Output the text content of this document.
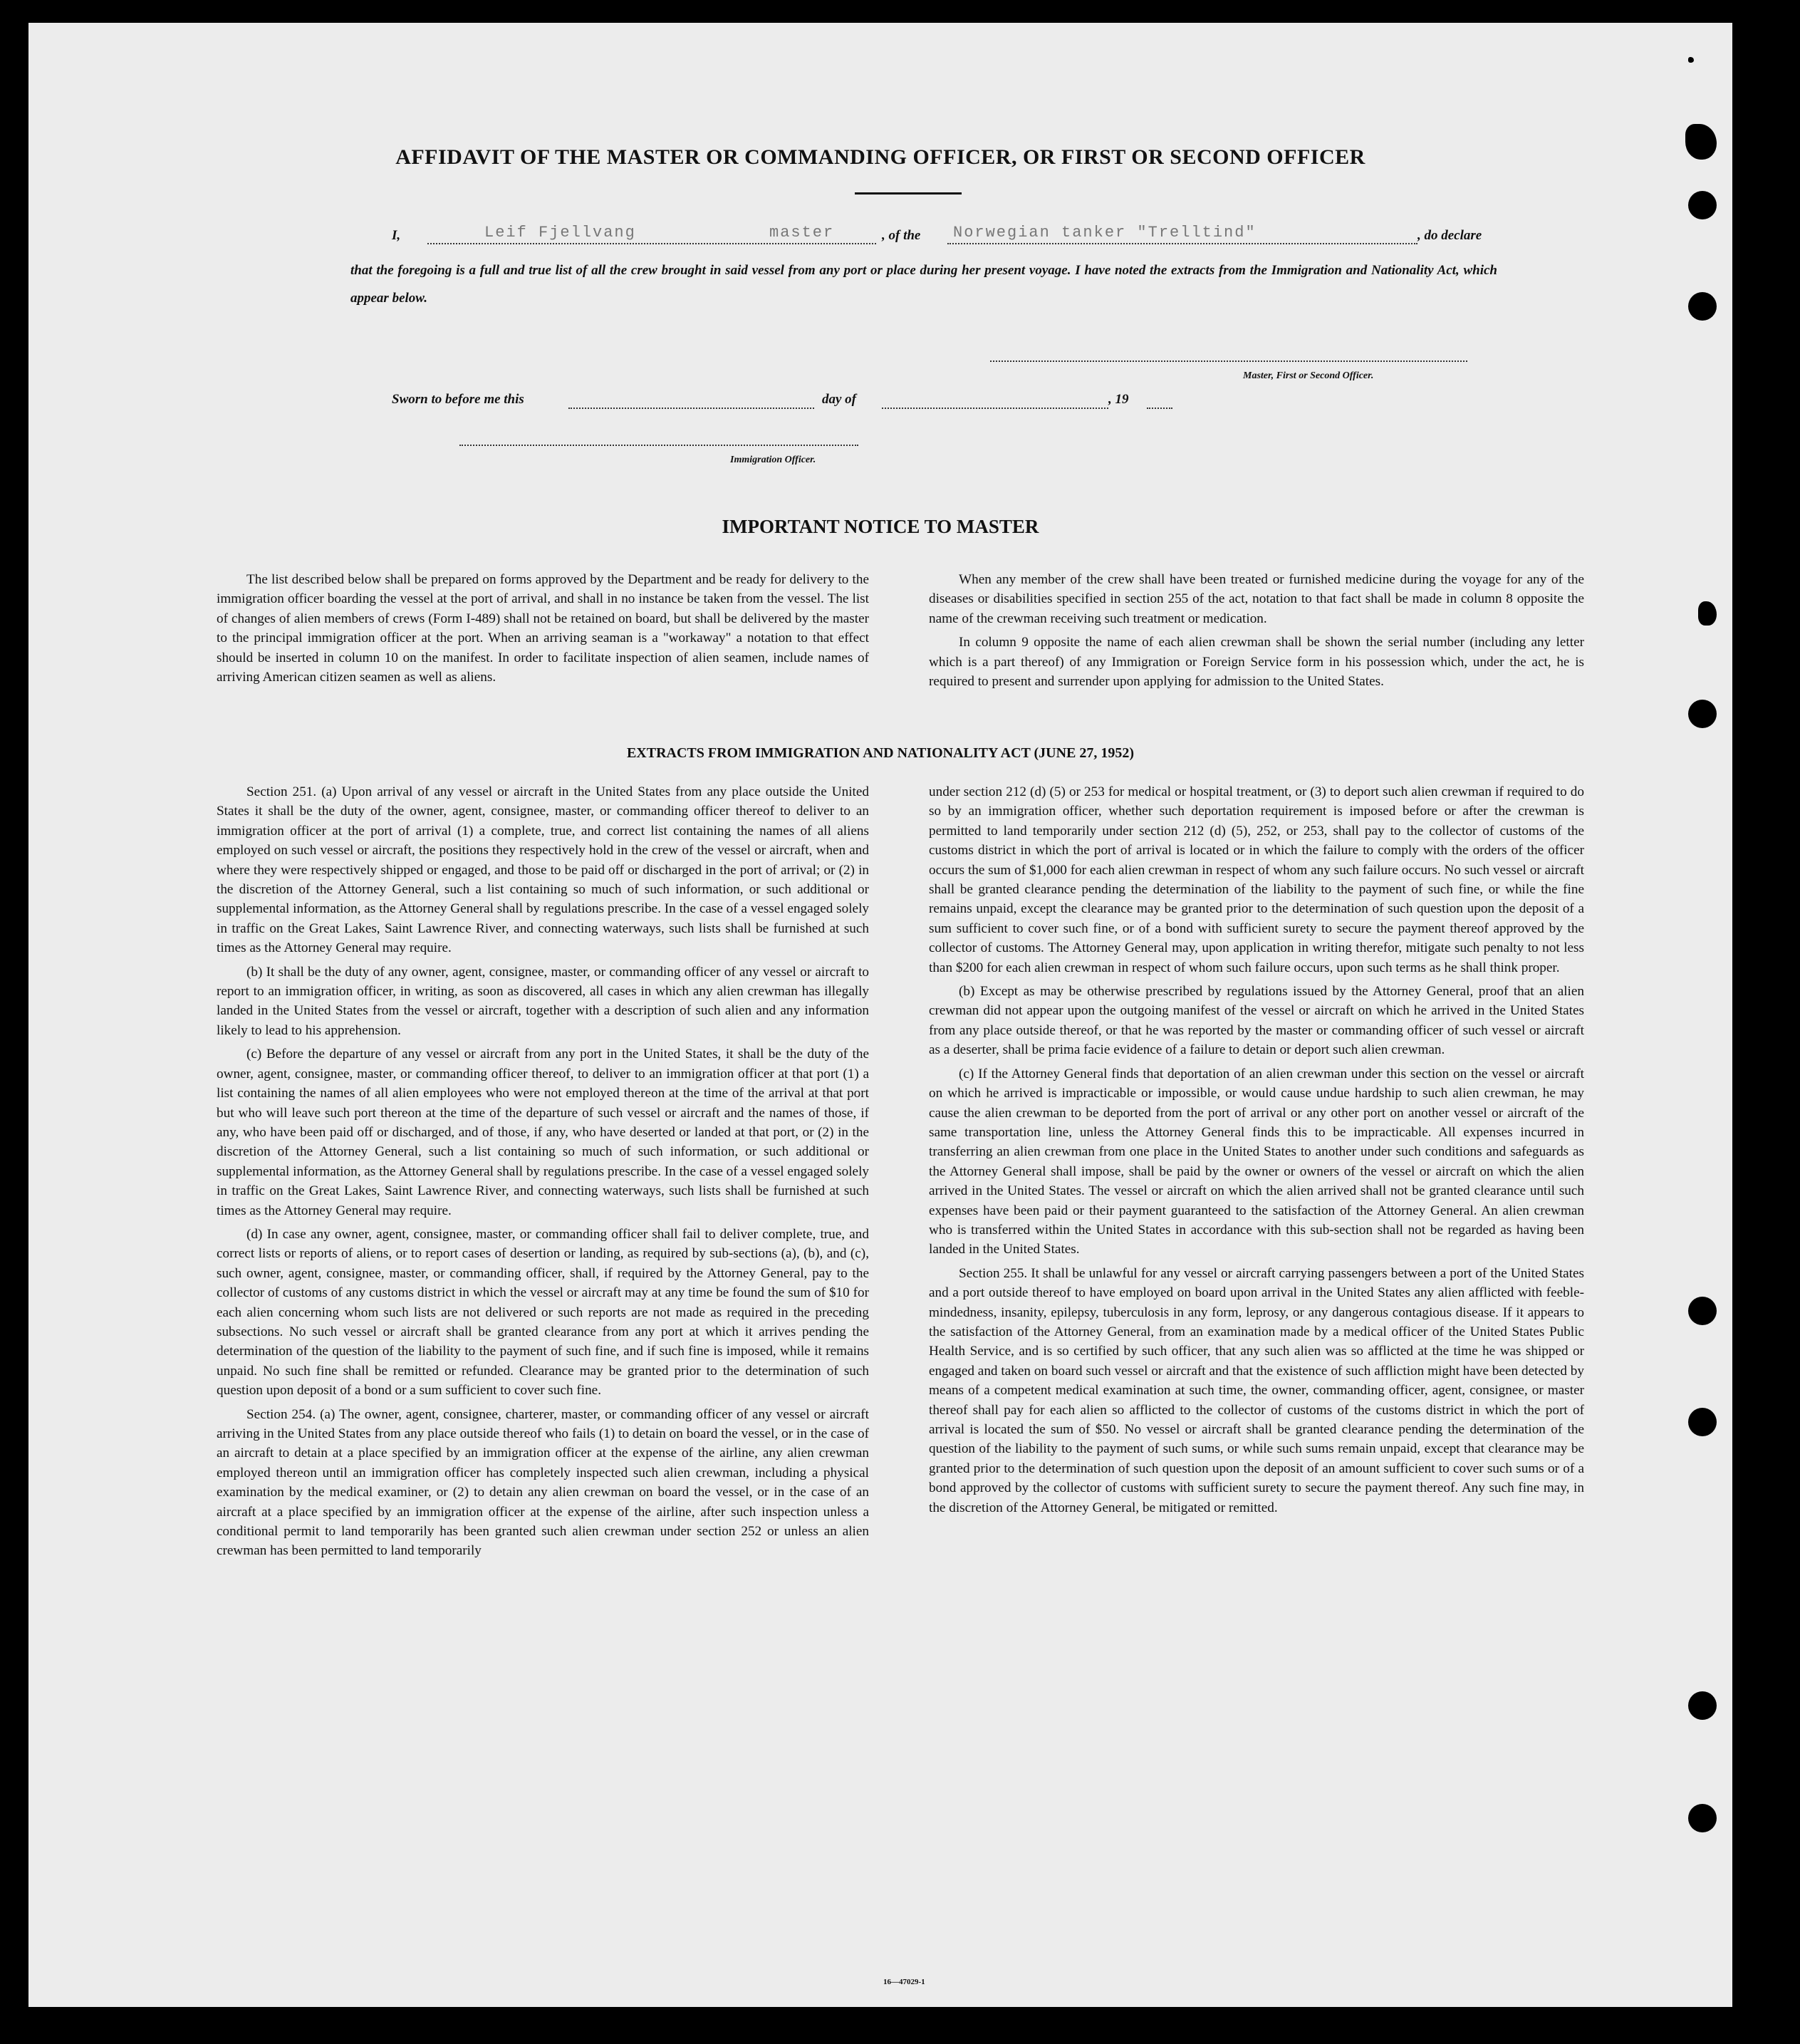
AFFIDAVIT OF THE MASTER OR COMMANDING OFFICER, OR FIRST OR SECOND OFFICER
I,	Leif Fjellvang	master	, of the Norwegian tanker "Trelltind"	, do declare
that the foregoing is a full and true list of all the crew brought in said vessel from any port or place during her present voyage. I have noted the extracts from the Immigration and Nationality Act, which appear below.
Master, First or Second Officer.
Sworn to before me this	day of	, 19
Immigration Officer.
IMPORTANT NOTICE TO MASTER

The list described below shall be prepared on forms approved by the Department and be ready for delivery to the immigration officer boarding the vessel at the port of arrival, and shall in no instance be taken from the vessel. The list of changes of alien members of crews (Form I-489) shall not be retained on board, but shall be delivered by the master to the principal immigration officer at the port. When an arriving seaman is a "workaway" a notation to that effect should be inserted in column 10 on the manifest. In order to facilitate inspection of alien seamen, include names of arriving American citizen seamen as well as aliens.

When any member of the crew shall have been treated or furnished medicine during the voyage for any of the diseases or disabilities specified in section 255 of the act, notation to that fact shall be made in column 8 opposite the name of the crewman receiving such treatment or medication.

In column 9 opposite the name of each alien crewman shall be shown the serial number (including any letter which is a part thereof) of any Immigration or Foreign Service form in his possession which, under the act, he is required to present and surrender upon applying for admission to the United States.

EXTRACTS FROM IMMIGRATION AND NATIONALITY ACT (JUNE 27, 1952)

Section 251. (a) Upon arrival of any vessel or aircraft in the United States from any place outside the United States it shall be the duty of the owner, agent, consignee, master, or commanding officer thereof to deliver to an immigration officer at the port of arrival (1) a complete, true, and correct list containing the names of all aliens employed on such vessel or aircraft, the positions they respectively hold in the crew of the vessel or aircraft, when and where they were respectively shipped or engaged, and those to be paid off or discharged in the port of arrival; or (2) in the discretion of the Attorney General, such a list containing so much of such information, or such additional or supplemental information, as the Attorney General shall by regulations prescribe. In the case of a vessel engaged solely in traffic on the Great Lakes, Saint Lawrence River, and connecting waterways, such lists shall be furnished at such times as the Attorney General may require.

(b) It shall be the duty of any owner, agent, consignee, master, or commanding officer of any vessel or aircraft to report to an immigration officer, in writing, as soon as discovered, all cases in which any alien crewman has illegally landed in the United States from the vessel or aircraft, together with a description of such alien and any information likely to lead to his apprehension.

(c) Before the departure of any vessel or aircraft from any port in the United States, it shall be the duty of the owner, agent, consignee, master, or commanding officer thereof, to deliver to an immigration officer at that port (1) a list containing the names of all alien employees who were not employed thereon at the time of the arrival at that port but who will leave such port thereon at the time of the departure of such vessel or aircraft and the names of those, if any, who have been paid off or discharged, and of those, if any, who have deserted or landed at that port, or (2) in the discretion of the Attorney General, such a list containing so much of such information, or such additional or supplemental information, as the Attorney General shall by regulations prescribe. In the case of a vessel engaged solely in traffic on the Great Lakes, Saint Lawrence River, and connecting waterways, such lists shall be furnished at such times as the Attorney General may require.

(d) In case any owner, agent, consignee, master, or commanding officer shall fail to deliver complete, true, and correct lists or reports of aliens, or to report cases of desertion or landing, as required by sub-sections (a), (b), and (c), such owner, agent, consignee, master, or commanding officer, shall, if required by the Attorney General, pay to the collector of customs of any customs district in which the vessel or aircraft may at any time be found the sum of $10 for each alien concerning whom such lists are not delivered or such reports are not made as required in the preceding subsections. No such vessel or aircraft shall be granted clearance from any port at which it arrives pending the determination of the question of the liability to the payment of such fine, and if such fine is imposed, while it remains unpaid. No such fine shall be remitted or refunded. Clearance may be granted prior to the determination of such question upon deposit of a bond or a sum sufficient to cover such fine.

Section 254. (a) The owner, agent, consignee, charterer, master, or commanding officer of any vessel or aircraft arriving in the United States from any place outside thereof who fails (1) to detain on board the vessel, or in the case of an aircraft to detain at a place specified by an immigration officer at the expense of the airline, any alien crewman employed thereon until an immigration officer has completely inspected such alien crewman, including a physical examination by the medical examiner, or (2) to detain any alien crewman on board the vessel, or in the case of an aircraft at a place specified by an immigration officer at the expense of the airline, after such inspection unless a conditional permit to land temporarily has been granted such alien crewman under section 252 or unless an alien crewman has been permitted to land temporarily

under section 212 (d) (5) or 253 for medical or hospital treatment, or (3) to deport such alien crewman if required to do so by an immigration officer, whether such deportation requirement is imposed before or after the crewman is permitted to land temporarily under section 212 (d) (5), 252, or 253, shall pay to the collector of customs of the customs district in which the port of arrival is located or in which the failure to comply with the orders of the officer occurs the sum of $1,000 for each alien crewman in respect of whom any such failure occurs. No such vessel or aircraft shall be granted clearance pending the determination of the liability to the payment of such fine, or while the fine remains unpaid, except the clearance may be granted prior to the determination of such question upon the deposit of a sum sufficient to cover such fine, or of a bond with sufficient surety to secure the payment thereof approved by the collector of customs. The Attorney General may, upon application in writing therefor, mitigate such penalty to not less than $200 for each alien crewman in respect of whom such failure occurs, upon such terms as he shall think proper.

(b) Except as may be otherwise prescribed by regulations issued by the Attorney General, proof that an alien crewman did not appear upon the outgoing manifest of the vessel or aircraft on which he arrived in the United States from any place outside thereof, or that he was reported by the master or commanding officer of such vessel or aircraft as a deserter, shall be prima facie evidence of a failure to detain or deport such alien crewman.

(c) If the Attorney General finds that deportation of an alien crewman under this section on the vessel or aircraft on which he arrived is impracticable or impossible, or would cause undue hardship to such alien crewman, he may cause the alien crewman to be deported from the port of arrival or any other port on another vessel or aircraft of the same transportation line, unless the Attorney General finds this to be impracticable. All expenses incurred in transferring an alien crewman from one place in the United States to another under such conditions and safeguards as the Attorney General shall impose, shall be paid by the owner or owners of the vessel or aircraft on which the alien arrived in the United States. The vessel or aircraft on which the alien arrived shall not be granted clearance until such expenses have been paid or their payment guaranteed to the satisfaction of the Attorney General. An alien crewman who is transferred within the United States in accordance with this sub-section shall not be regarded as having been landed in the United States.

Section 255. It shall be unlawful for any vessel or aircraft carrying passengers between a port of the United States and a port outside thereof to have employed on board upon arrival in the United States any alien afflicted with feeble-mindedness, insanity, epilepsy, tuberculosis in any form, leprosy, or any dangerous contagious disease. If it appears to the satisfaction of the Attorney General, from an examination made by a medical officer of the United States Public Health Service, and is so certified by such officer, that any such alien was so afflicted at the time he was shipped or engaged and taken on board such vessel or aircraft and that the existence of such affliction might have been detected by means of a competent medical examination at such time, the owner, commanding officer, agent, consignee, or master thereof shall pay for each alien so afflicted to the collector of customs of the customs district in which the port of arrival is located the sum of $50. No vessel or aircraft shall be granted clearance pending the determination of the question of the liability to the payment of such sums, or while such sums remain unpaid, except that clearance may be granted prior to the determination of such question upon the deposit of an amount sufficient to cover such sums or of a bond approved by the collector of customs with sufficient surety to secure the payment thereof. Any such fine may, in the discretion of the Attorney General, be mitigated or remitted.

16—47029-1
